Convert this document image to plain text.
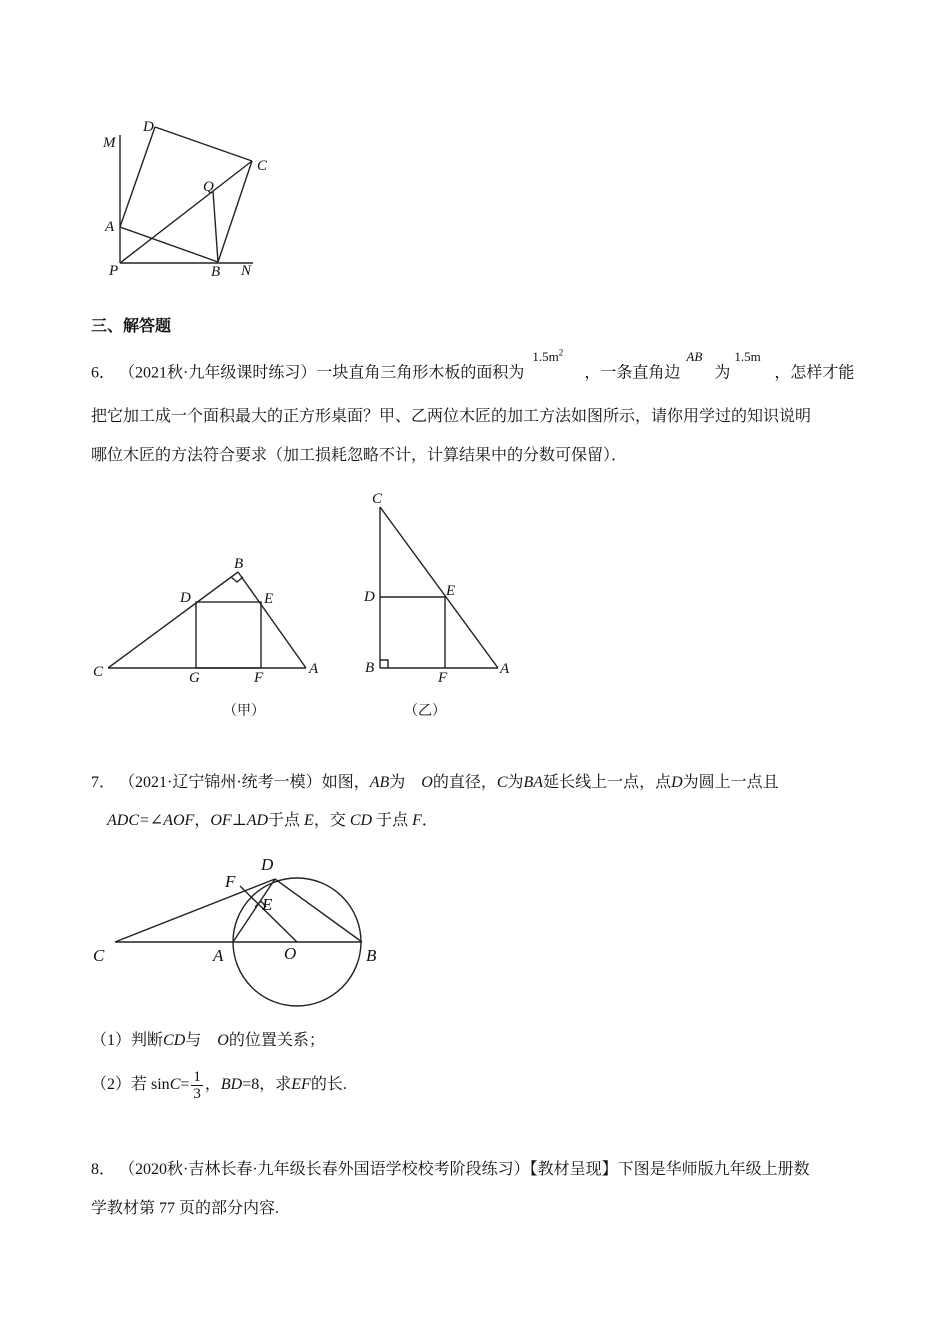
M
D
C
Q
A
P	B N
三、解答题
6． （2021秋·九年级课时练习）一块直角三角形木板的面积为 $^{1.5m^2}$，一条直角边 $^{AB}$为 $^{1.5m}$，怎样才能
把它加工成一个面积最大的正方形桌面？甲、乙两位木匠的加工方法如图所示，请你用学过的知识说明
哪位木匠的方法符合要求（加工损耗忽略不计，计算结果中的分数可保留）．
B
D	E
C	G	F
A
（甲）
C
D	E
B
F
A
（乙）
7． （2021·辽宁锦州·统考一模）如图，AB为 O的直径，C为BA延长线上一点，点D为圆上一点且
ADC=∠AOF，OF⊥AD于点 E，交 CD 于点 F．
F
D
E
C	A	O	B
（1）判断CD与 O的位置关系；
（2）若 $\sin C= \frac{1}{3}$ ，BD=8，求EF的长.
8． （2020秋·吉林长春·九年级长春外国语学校校考阶段练习）【教材呈现】下图是华师版九年级上册数
学教材第 77 页的部分内容.
